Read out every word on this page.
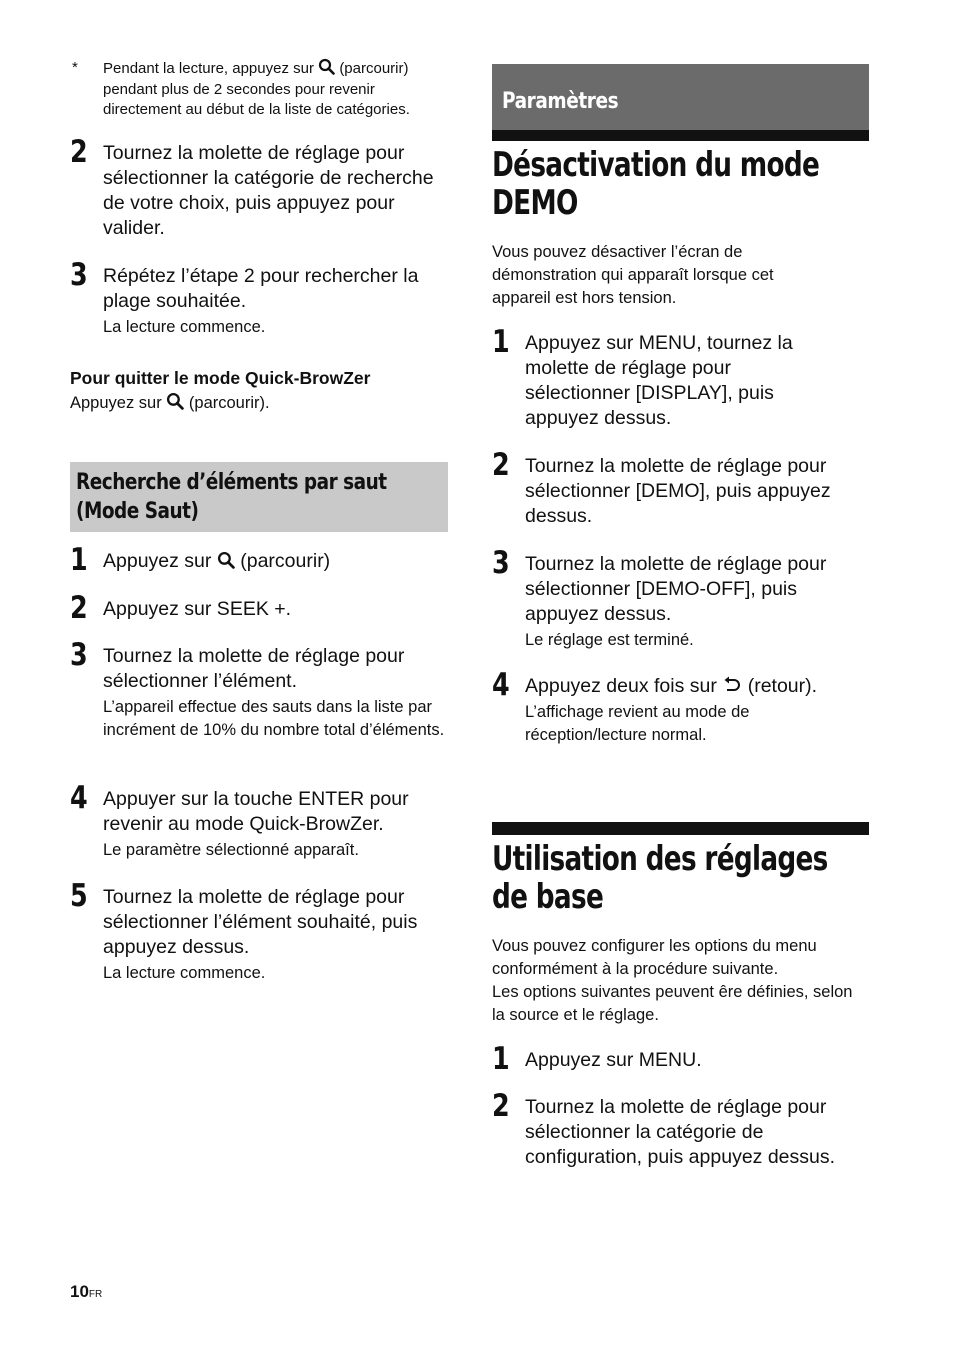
* Pendant la lecture, appuyez sur (parcourir)
pendant plus de 2 secondes pour revenir directement au début de la liste de catégories.
2 Tournez la molette de réglage pour sélectionner la catégorie de recherche de votre choix, puis appuyez pour valider.
3 Répétez l’étape 2 pour rechercher la plage souhaitée.
La lecture commence.
Pour quitter le mode Quick-BrowZer
Appuyez sur (parcourir).
Recherche d’éléments par saut (Mode Saut)
1 Appuyez sur (parcourir)
2 Appuyez sur SEEK +.
3 Tournez la molette de réglage pour sélectionner l’élément.
L’appareil effectue des sauts dans la liste par incrément de 10% du nombre total d’éléments.
4 Appuyer sur la touche ENTER pour revenir au mode Quick-BrowZer.
Le paramètre sélectionné apparaît.
5 Tournez la molette de réglage pour sélectionner l’élément souhaité, puis appuyez dessus.
La lecture commence.
10FR
Paramètres
Désactivation du mode DEMO
Vous pouvez désactiver l’écran de démonstration qui apparaît lorsque cet appareil est hors tension.
1 Appuyez sur MENU, tournez la molette de réglage pour sélectionner [DISPLAY], puis appuyez dessus.
2 Tournez la molette de réglage pour sélectionner [DEMO], puis appuyez dessus.
3 Tournez la molette de réglage pour sélectionner [DEMO-OFF], puis appuyez dessus.
Le réglage est terminé.
4 Appuyez deux fois sur (retour).
L’affichage revient au mode de réception/lecture normal.
Utilisation des réglages de base
Vous pouvez configurer les options du menu conformément à la procédure suivante.
Les options suivantes peuvent êre définies, selon la source et le réglage.
1 Appuyez sur MENU.
2 Tournez la molette de réglage pour sélectionner la catégorie de configuration, puis appuyez dessus.
